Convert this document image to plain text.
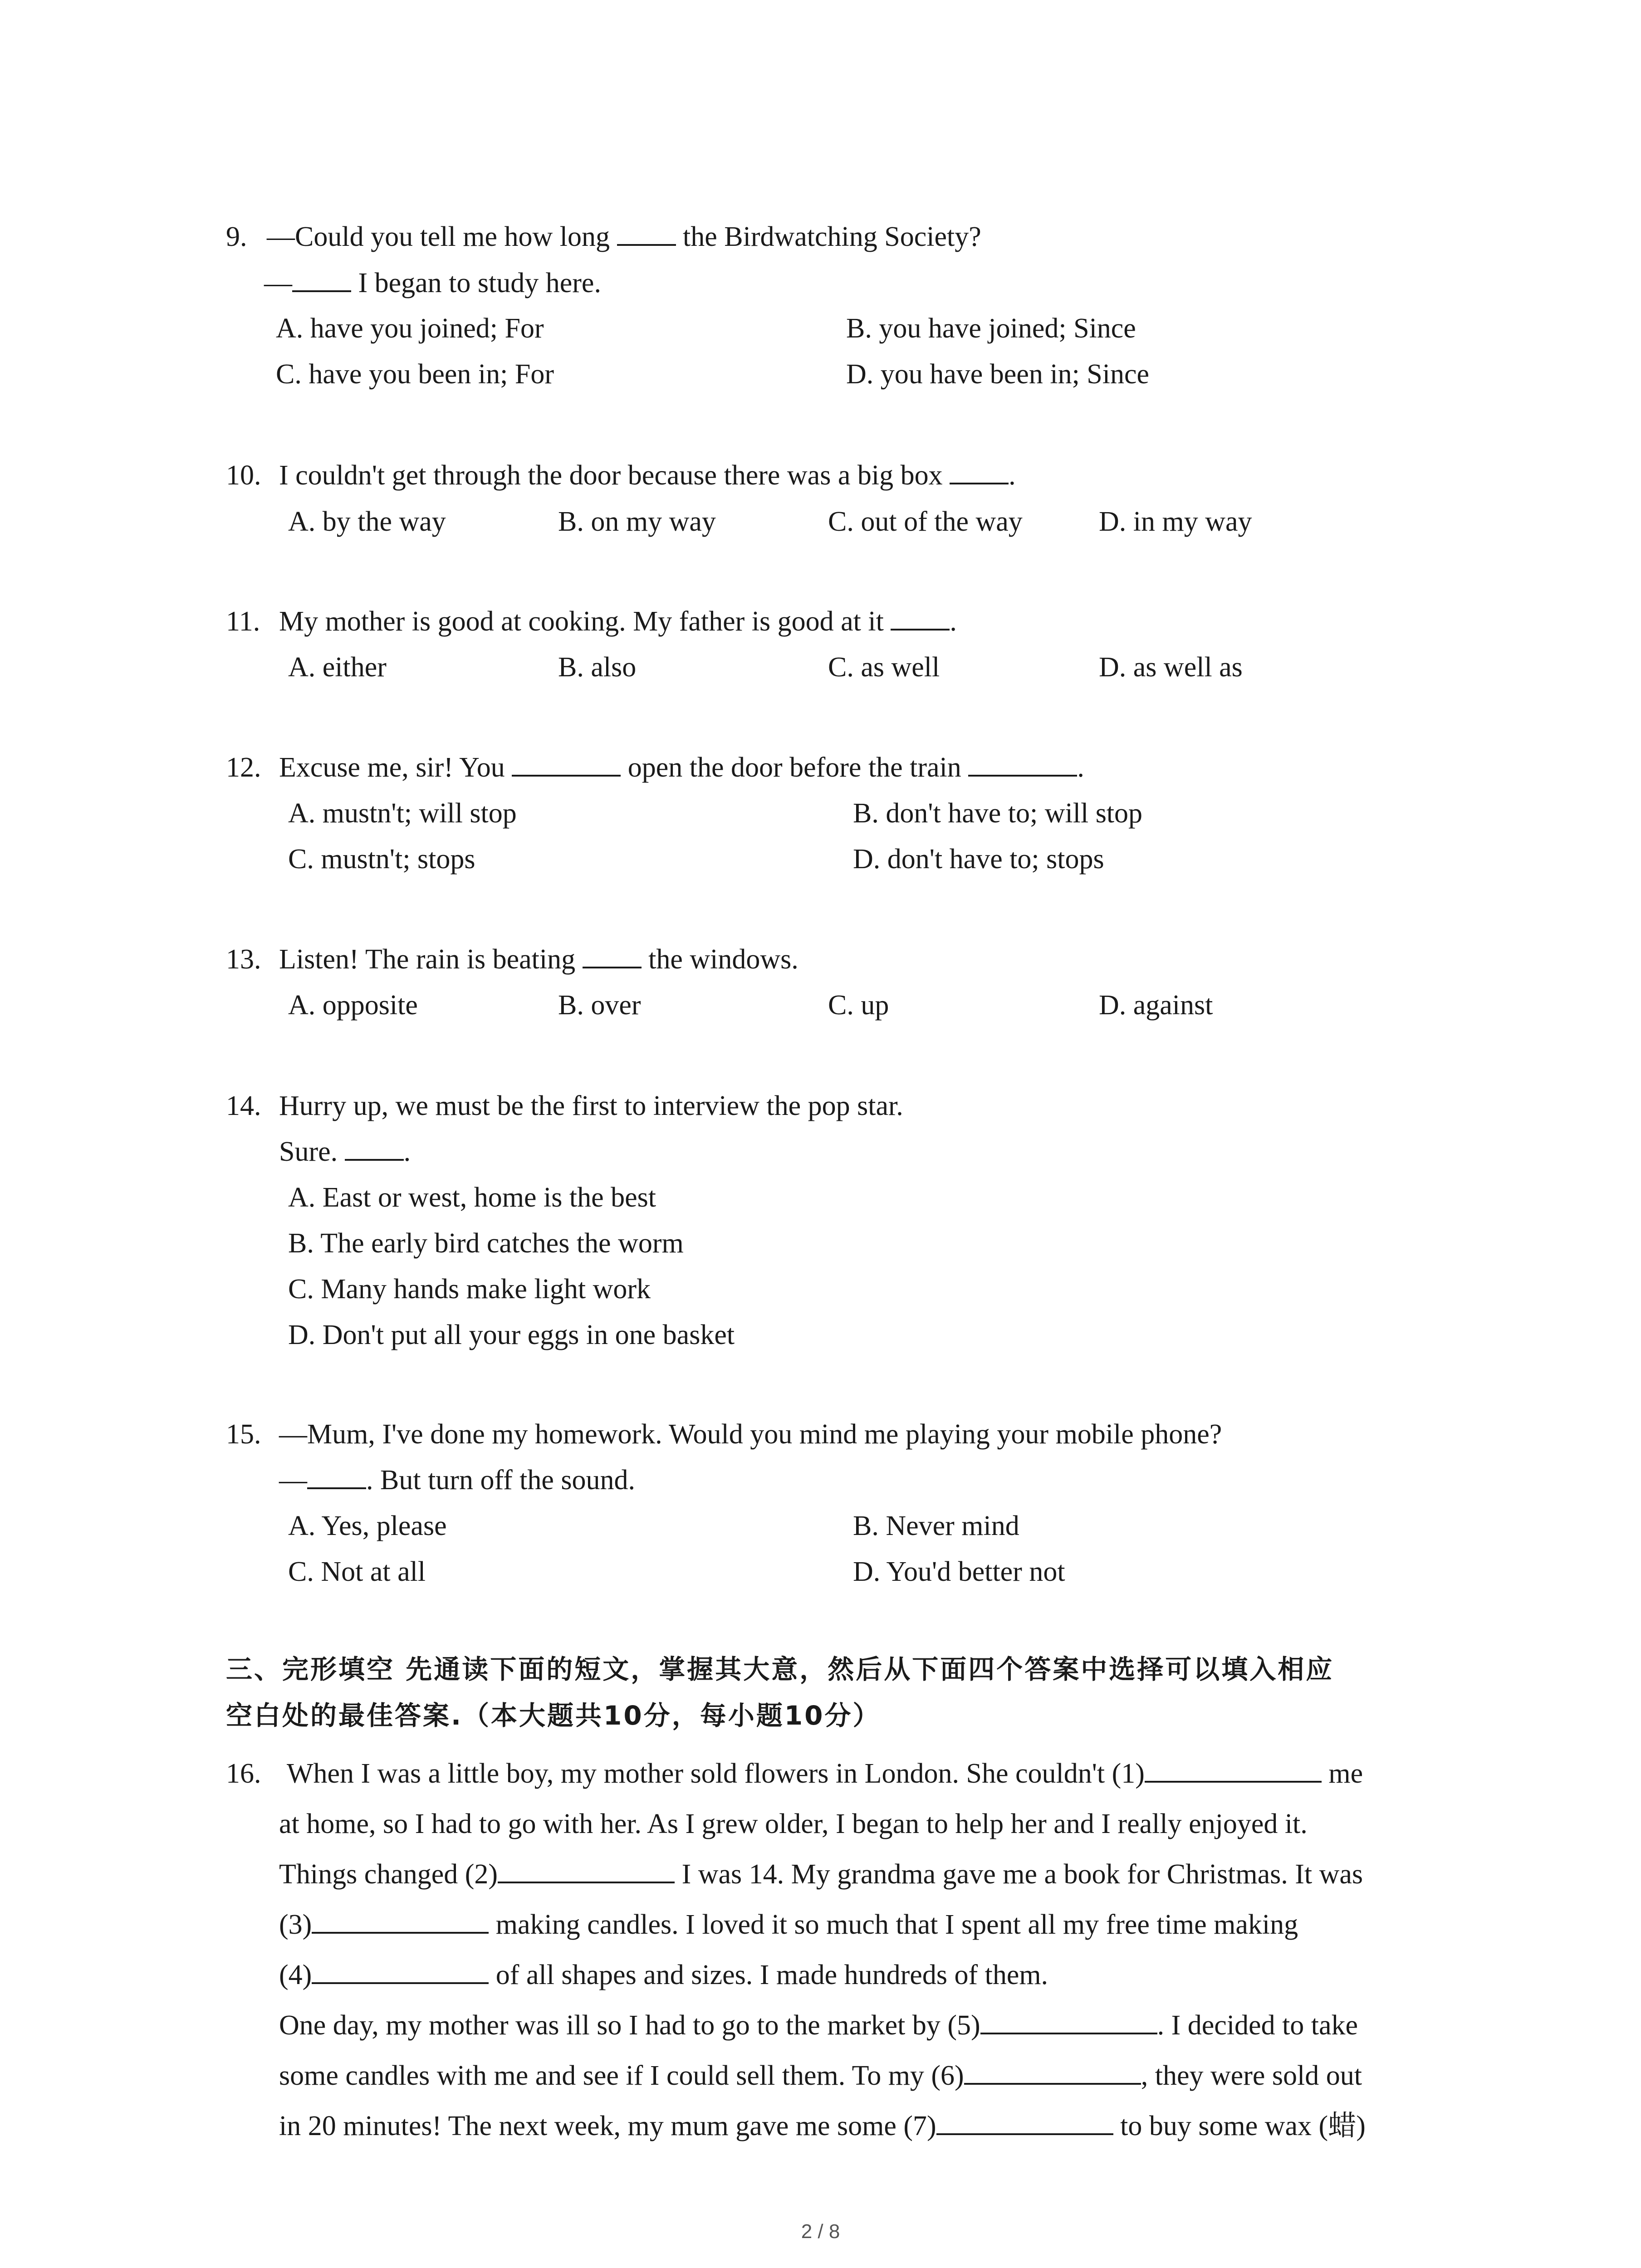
9. —Could you tell me how long	the Birdwatching Society?
— I began to study here.
A. have you joined; For	B. you have joined; Since
C. have you been in; For	D. you have been in; Since
10. I couldn't get through the door because there was a big box .
A. by the way	B. on my way	C. out of the way	D. in my way
11. My mother is good at cooking. My father is good at it .
A. either	B. also	C. as well	D. as well as
12. Excuse me, sir! You	open the door before the train	.
A. mustn't; will stop	B. don't have to; will stop
C. mustn't; stops	D. don't have to; stops
13. Listen! The rain is beating	the windows.
A. opposite	B. over	C. up	D. against
14. Hurry up, we must be the first to interview the pop star.
Sure. .
A. East or west, home is the best
B. The early bird catches the worm
C. Many hands make light work
D. Don't put all your eggs in one basket
15. —Mum, I've done my homework. Would you mind me playing your mobile phone?
— . But turn off the sound.
A. Yes, please	B. Never mind
C. Not at all	D. You'd better not
三、完形填空 先通读下面的短文，掌握其大意，然后从下面四个答案中选择可以填入相应
空白处的最佳答案.（本大题共10分，每小题10分）
16. When I was a little boy, my mother sold flowers in London. She couldn't (1)	me
at home, so I had to go with her. As I grew older, I began to help her and I really enjoyed it.
Things changed (2)	I was 14. My grandma gave me a book for Christmas. It was
(3)	making candles. I loved it so much that I spent all my free time making
(4)	of all shapes and sizes. I made hundreds of them.
One day, my mother was ill so I had to go to the market by (5)	. I decided to take
some candles with me and see if I could sell them. To my (6)	, they were sold out
in 20 minutes! The next week, my mum gave me some (7)	to buy some wax (蜡)
2 / 8
